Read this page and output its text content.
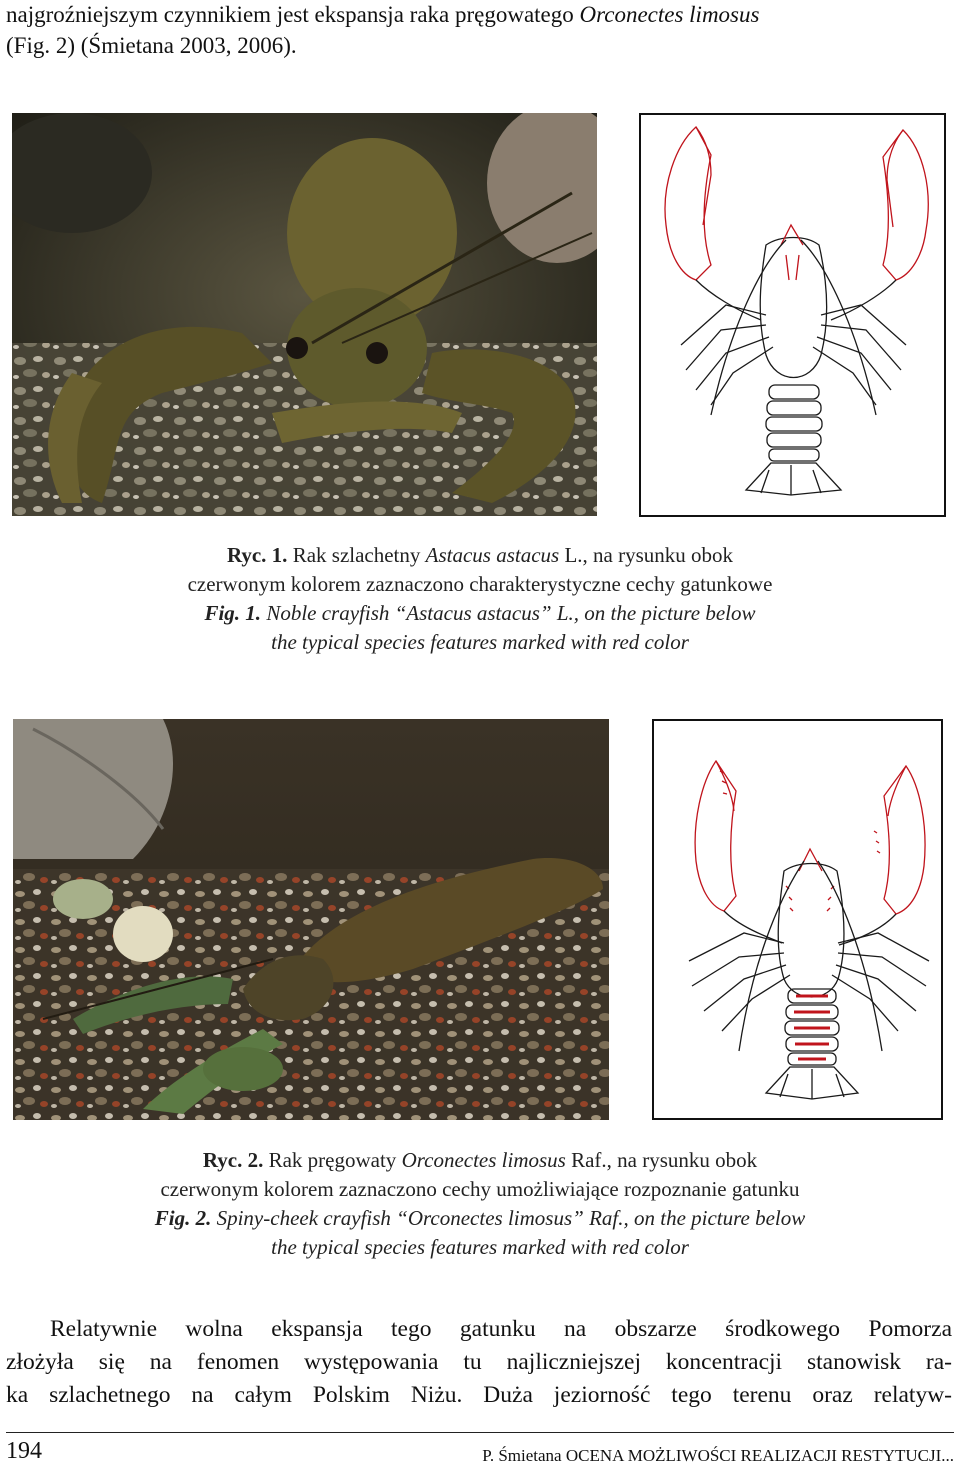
najgroźniejszym czynnikiem jest ekspansja raka pręgowatego Orconectes limosus
(Fig. 2) (Śmietana 2003, 2006).
Ryc. 1. Rak szlachetny Astacus astacus L., na rysunku obok
czerwonym kolorem zaznaczono charakterystyczne cechy gatunkowe
Fig. 1. Noble crayfish “Astacus astacus” L., on the picture below
the typical species features marked with red color
Ryc. 2. Rak pręgowaty Orconectes limosus Raf., na rysunku obok
czerwonym kolorem zaznaczono cechy umożliwiające rozpoznanie gatunku
Fig. 2. Spiny-cheek crayfish “Orconectes limosus” Raf., on the picture below
the typical species features marked with red color
Relatywnie wolna ekspansja tego gatunku na obszarze środkowego Pomorza
złożyła się na fenomen występowania tu najliczniejszej koncentracji stanowisk ra-
ka szlachetnego na całym Polskim Niżu. Duża jeziorność tego terenu oraz relatyw-
194	P. Śmietana OCENA MOŻLIWOŚCI REALIZACJI RESTYTUCJI...
